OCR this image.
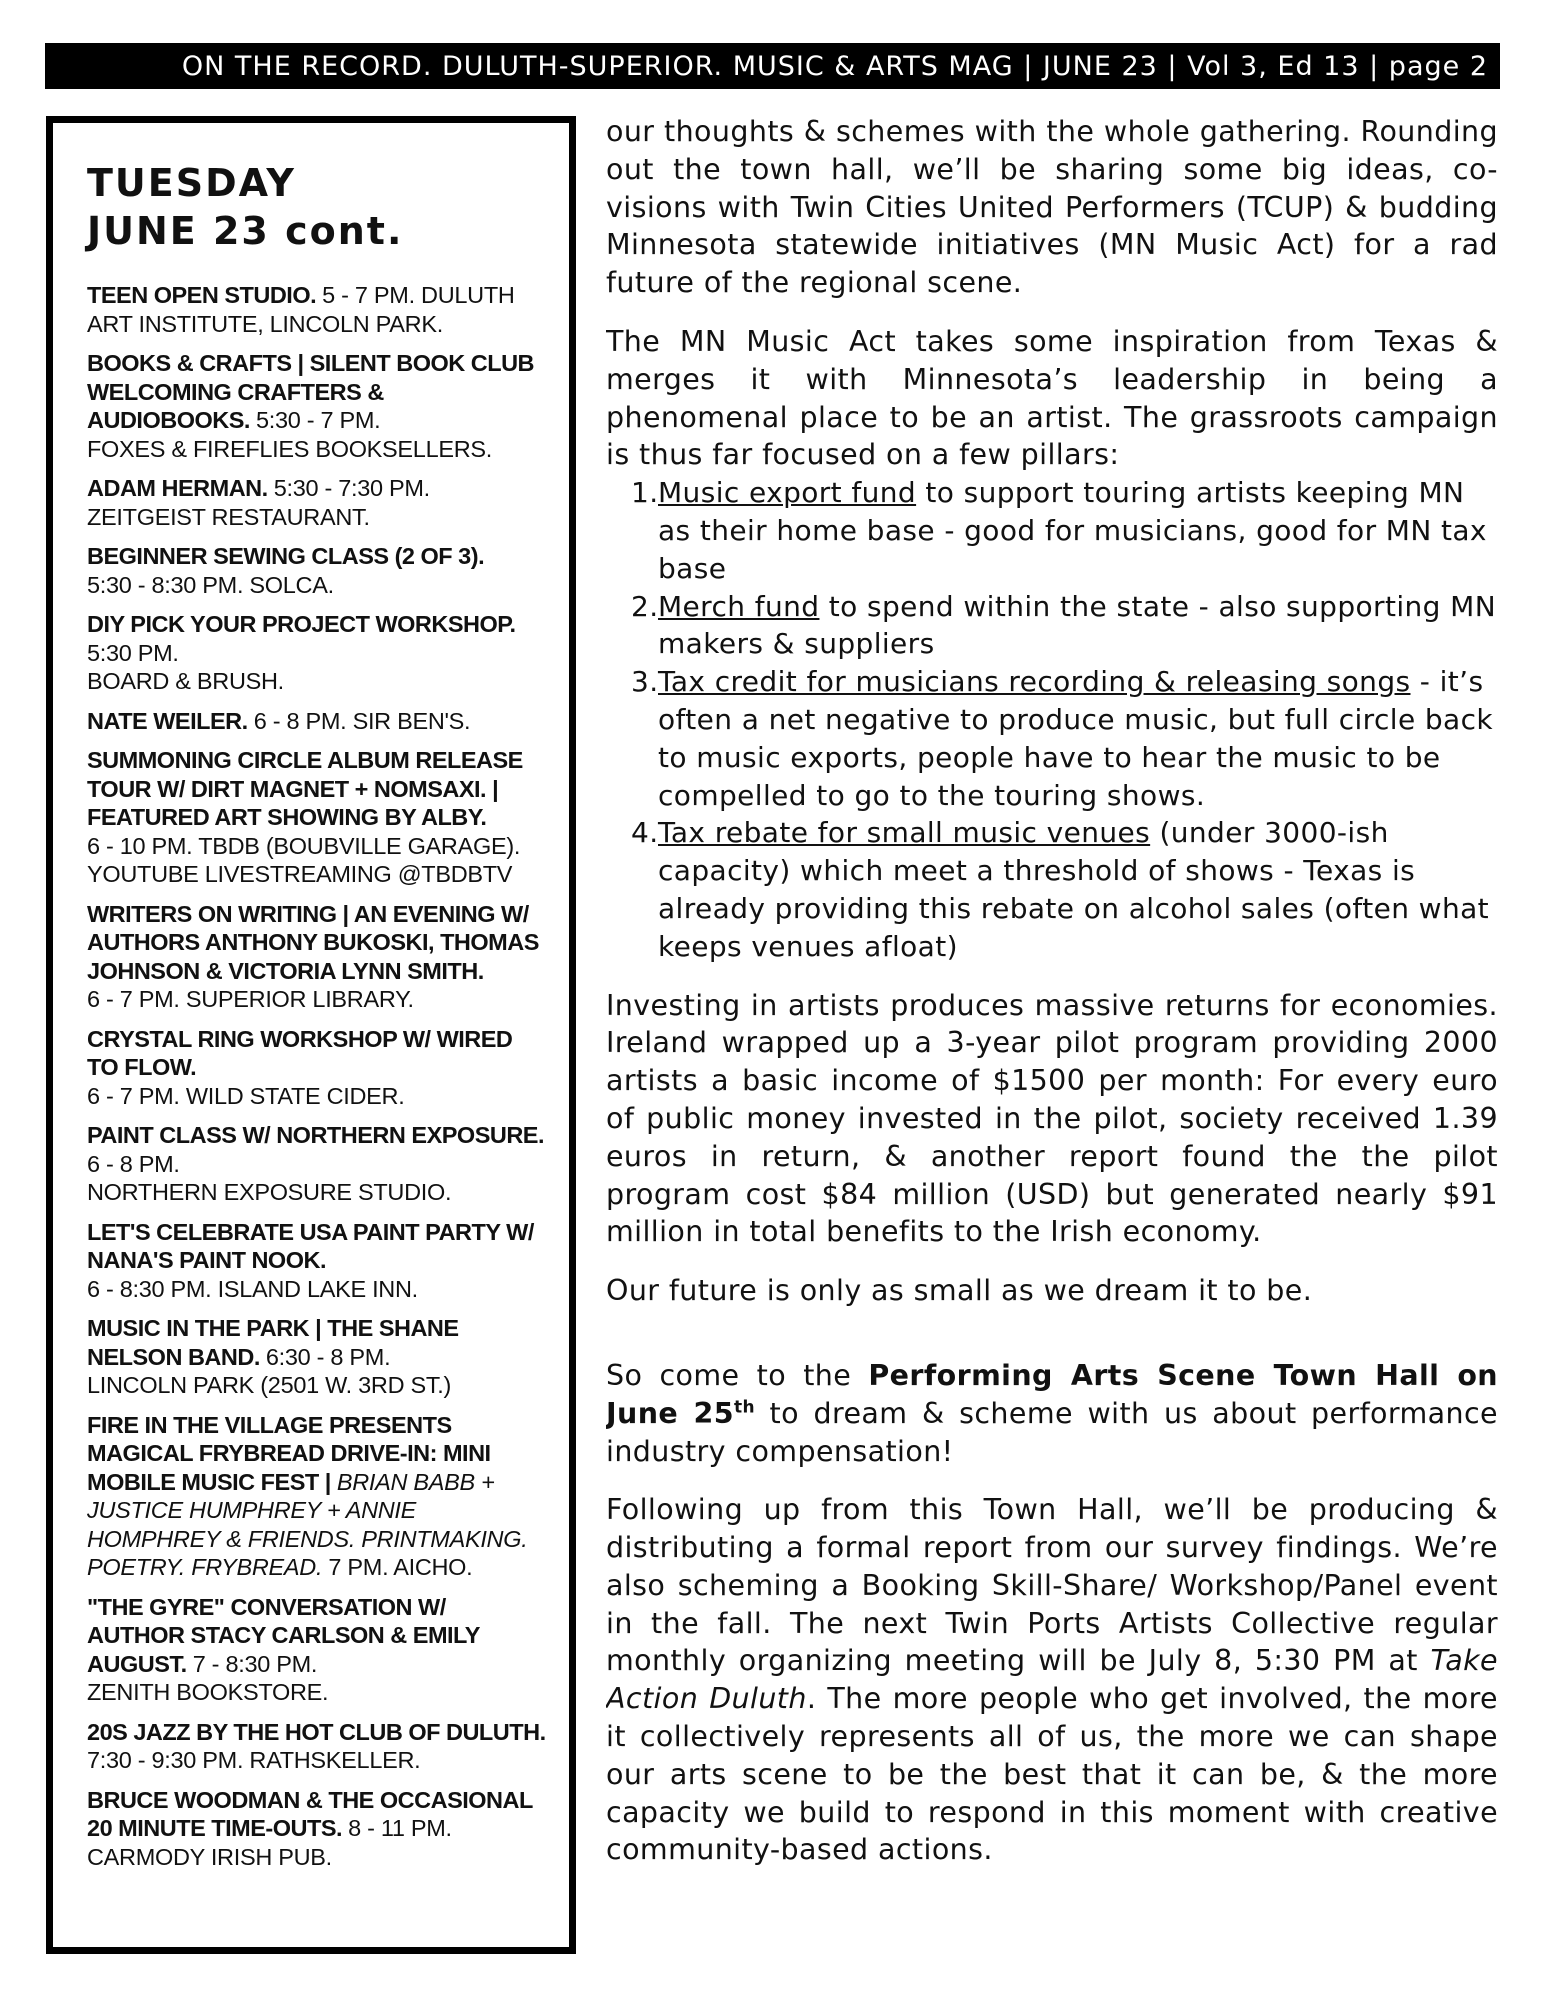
ON THE RECORD. DULUTH-SUPERIOR. MUSIC & ARTS MAG | JUNE 23 | Vol 3, Ed 13 | page 2
TUESDAY
JUNE 23 cont.
TEEN OPEN STUDIO. 5 - 7 PM. DULUTH ART INSTITUTE, LINCOLN PARK.
BOOKS & CRAFTS | SILENT BOOK CLUB WELCOMING CRAFTERS & AUDIOBOOKS. 5:30 - 7 PM.
FOXES & FIREFLIES BOOKSELLERS.
ADAM HERMAN. 5:30 - 7:30 PM.
ZEITGEIST RESTAURANT.
BEGINNER SEWING CLASS (2 OF 3).
5:30 - 8:30 PM. SOLCA.
DIY PICK YOUR PROJECT WORKSHOP. 5:30 PM.
BOARD & BRUSH.
NATE WEILER. 6 - 8 PM. SIR BEN'S.
SUMMONING CIRCLE ALBUM RELEASE TOUR W/ DIRT MAGNET + NOMSAXI. | FEATURED ART SHOWING BY ALBY.
6 - 10 PM. TBDB (BOUBVILLE GARAGE). YOUTUBE LIVESTREAMING @TBDBTV
WRITERS ON WRITING | AN EVENING W/ AUTHORS ANTHONY BUKOSKI, THOMAS JOHNSON & VICTORIA LYNN SMITH.
6 - 7 PM. SUPERIOR LIBRARY.
CRYSTAL RING WORKSHOP W/ WIRED TO FLOW.
6 - 7 PM. WILD STATE CIDER.
PAINT CLASS W/ NORTHERN EXPOSURE. 6 - 8 PM.
NORTHERN EXPOSURE STUDIO.
LET'S CELEBRATE USA PAINT PARTY W/ NANA'S PAINT NOOK.
6 - 8:30 PM. ISLAND LAKE INN.
MUSIC IN THE PARK | THE SHANE NELSON BAND. 6:30 - 8 PM.
LINCOLN PARK (2501 W. 3RD ST.)
FIRE IN THE VILLAGE PRESENTS MAGICAL FRYBREAD DRIVE-IN: MINI MOBILE MUSIC FEST | BRIAN BABB + JUSTICE HUMPHREY + ANNIE HOMPHREY & FRIENDS. PRINTMAKING. POETRY. FRYBREAD. 7 PM. AICHO.
"THE GYRE" CONVERSATION W/ AUTHOR STACY CARLSON & EMILY AUGUST. 7 - 8:30 PM.
ZENITH BOOKSTORE.
20S JAZZ BY THE HOT CLUB OF DULUTH. 7:30 - 9:30 PM. RATHSKELLER.
BRUCE WOODMAN & THE OCCASIONAL 20 MINUTE TIME-OUTS. 8 - 11 PM. CARMODY IRISH PUB.

our thoughts & schemes with the whole gathering. Rounding out the town hall, we’ll be sharing some big ideas, co-visions with Twin Cities United Performers (TCUP) & budding Minnesota statewide initiatives (MN Music Act) for a rad future of the regional scene.

The MN Music Act takes some inspiration from Texas & merges it with Minnesota’s leadership in being a phenomenal place to be an artist. The grassroots campaign is thus far focused on a few pillars:

1. Music export fund to support touring artists keeping MN as their home base - good for musicians, good for MN tax base
2. Merch fund to spend within the state - also supporting MN makers & suppliers
3. Tax credit for musicians recording & releasing songs - it’s often a net negative to produce music, but full circle back to music exports, people have to hear the music to be compelled to go to the touring shows.
4. Tax rebate for small music venues (under 3000-ish capacity) which meet a threshold of shows - Texas is already providing this rebate on alcohol sales (often what keeps venues afloat)

Investing in artists produces massive returns for economies. Ireland wrapped up a 3-year pilot program providing 2000 artists a basic income of $1500 per month: For every euro of public money invested in the pilot, society received 1.39 euros in return, & another report found the the pilot program cost $84 million (USD) but generated nearly $91 million in total benefits to the Irish economy.

Our future is only as small as we dream it to be.

So come to the Performing Arts Scene Town Hall on June 25th to dream & scheme with us about performance industry compensation!

Following up from this Town Hall, we’ll be producing & distributing a formal report from our survey findings. We’re also scheming a Booking Skill-Share/ Workshop/Panel event in the fall. The next Twin Ports Artists Collective regular monthly organizing meeting will be July 8, 5:30 PM at Take Action Duluth. The more people who get involved, the more it collectively represents all of us, the more we can shape our arts scene to be the best that it can be, & the more capacity we build to respond in this moment with creative community-based actions.
